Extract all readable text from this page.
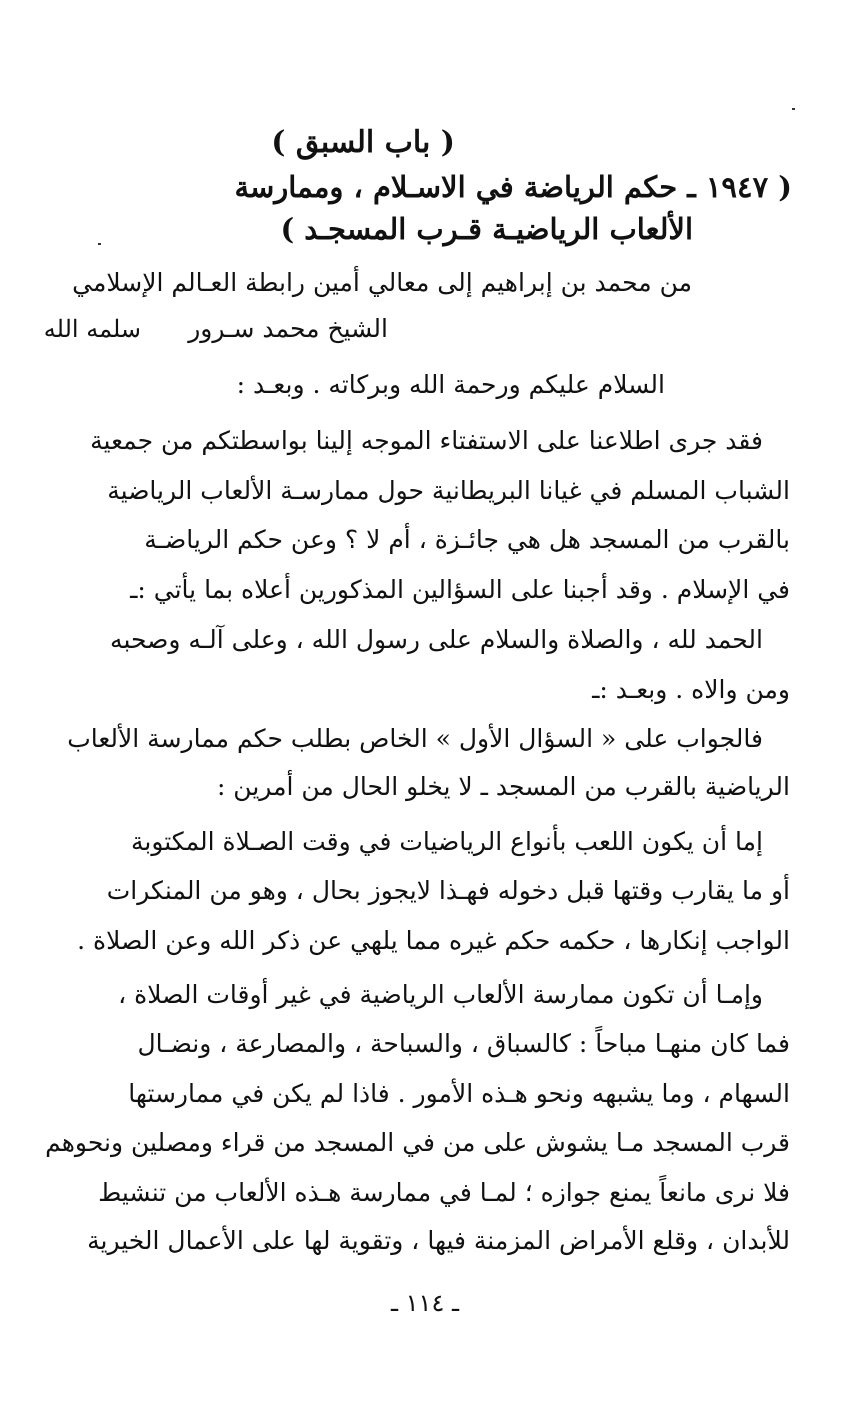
( باب السبق )
( ١٩٤٧ ـ حكم الرياضة في الاسـلام ، وممارسة
الألعاب الرياضيـة قـرب المسجـد )
من محمد بن إبراهيم إلى معالي أمين رابطة العـالم الإسلامي
الشيخ محمد سـرور
سلمه الله
السلام عليكم ورحمة الله وبركاته . وبعـد :
فقد جرى اطلاعنا على الاستفتاء الموجه إلينا بواسطتكم من جمعية
الشباب المسلم في غيانا البريطانية حول ممارسـة الألعاب الرياضية
بالقرب من المسجد هل هي جائـزة ، أم لا ؟ وعن حكم الرياضـة
في الإسلام . وقد أجبنا على السؤالين المذكورين أعلاه بما يأتي :ـ
الحمد لله ، والصلاة والسلام على رسول الله ، وعلى آلـه وصحبه
ومن والاه . وبعـد :ـ
فالجواب على « السؤال الأول » الخاص بطلب حكم ممارسة الألعاب
الرياضية بالقرب من المسجد ـ لا يخلو الحال من أمرين :
إما أن يكون اللعب بأنواع الرياضيات في وقت الصـلاة المكتوبة
أو ما يقارب وقتها قبل دخوله فهـذا لايجوز بحال ، وهو من المنكرات
الواجب إنكارها ، حكمه حكم غيره مما يلهي عن ذكر الله وعن الصلاة .
وإمـا أن تكون ممارسة الألعاب الرياضية في غير أوقات الصلاة ،
فما كان منهـا مباحاً : كالسباق ، والسباحة ، والمصارعة ، ونضـال
السهام ، وما يشبهه ونحو هـذه الأمور . فاذا لم يكن في ممارستها
قرب المسجد مـا يشوش على من في المسجد من قراء ومصلين ونحوهم
فلا نرى مانعاً يمنع جوازه ؛ لمـا في ممارسة هـذه الألعاب من تنشيط
للأبدان ، وقلع الأمراض المزمنة فيها ، وتقوية لها على الأعمال الخيرية
ـ ١١٤ ـ
